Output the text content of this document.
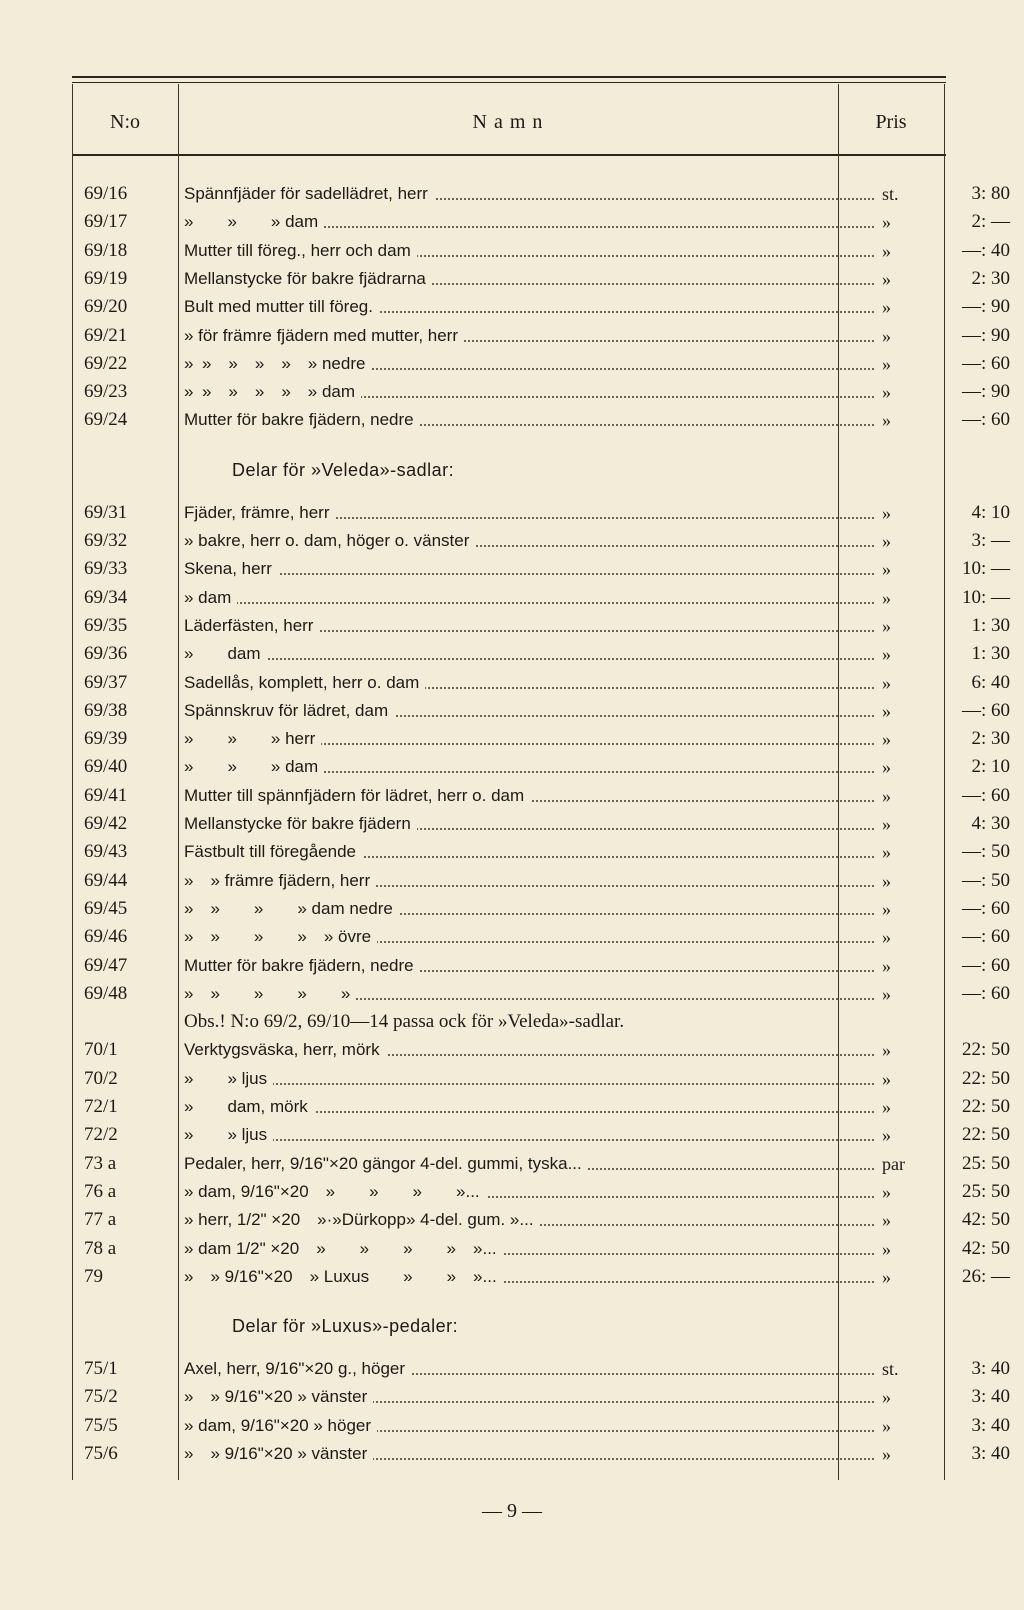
N:o	N a m n	Pris
69/16	Spännfjäder för sadellädret, herr	st.	3: 80
69/17	»  »  » dam	»	2: —
69/18	Mutter till föreg., herr och dam	»	—: 40
69/19	Mellanstycke för bakre fjädrarna	»	2: 30
69/20	Bult med mutter till föreg.	»	—: 90
69/21	» för främre fjädern med mutter, herr	»	—: 90
69/22	» »  »  »  »  » nedre	»	—: 60
69/23	» »  »  »  »  » dam	»	—: 90
69/24	Mutter för bakre fjädern, nedre	»	—: 60
Delar för »Veleda»-sadlar:
69/31	Fjäder, främre, herr	»	4: 10
69/32	» bakre, herr o. dam, höger o. vänster	»	3: —
69/33	Skena, herr	»	10: —
69/34	» dam	»	10: —
69/35	Läderfästen, herr	»	1: 30
69/36	»  dam	»	1: 30
69/37	Sadellås, komplett, herr o. dam	»	6: 40
69/38	Spännskruv för lädret, dam	»	—: 60
69/39	»  »  » herr	»	2: 30
69/40	»  »  » dam	»	2: 10
69/41	Mutter till spännfjädern för lädret, herr o. dam	»	—: 60
69/42	Mellanstycke för bakre fjädern	»	4: 30
69/43	Fästbult till föregående	»	—: 50
69/44	» » främre fjädern, herr	»	—: 50
69/45	» »  »  » dam nedre	»	—: 60
69/46	» »  »  » » övre	»	—: 60
69/47	Mutter för bakre fjädern, nedre	»	—: 60
69/48	» »  »  »  »	»	—: 60
Obs.! N:o 69/2, 69/10—14 passa ock för »Veleda»-sadlar.
70/1	Verktygsväska, herr, mörk	»	22: 50
70/2	»  » ljus	»	22: 50
72/1	»  dam, mörk	»	22: 50
72/2	»  » ljus	»	22: 50
73 a	Pedaler, herr, 9/16"×20 gängor 4-del. gummi, tyska...	par	25: 50
76 a	» dam, 9/16"×20 »  »  »  »...	»	25: 50
77 a	» herr, 1/2" ×20 »·»Dürkopp» 4-del. gum. »...	»	42: 50
78 a	» dam 1/2" ×20 »  »  »  » »...	»	42: 50
79	» » 9/16"×20 » Luxus  »  » »...	»	26: —
Delar för »Luxus»-pedaler:
75/1	Axel, herr, 9/16"×20 g., höger	st.	3: 40
75/2	» » 9/16"×20 » vänster	»	3: 40
75/5	» dam, 9/16"×20 » höger	»	3: 40
75/6	» » 9/16"×20 » vänster	»	3: 40
— 9 —
